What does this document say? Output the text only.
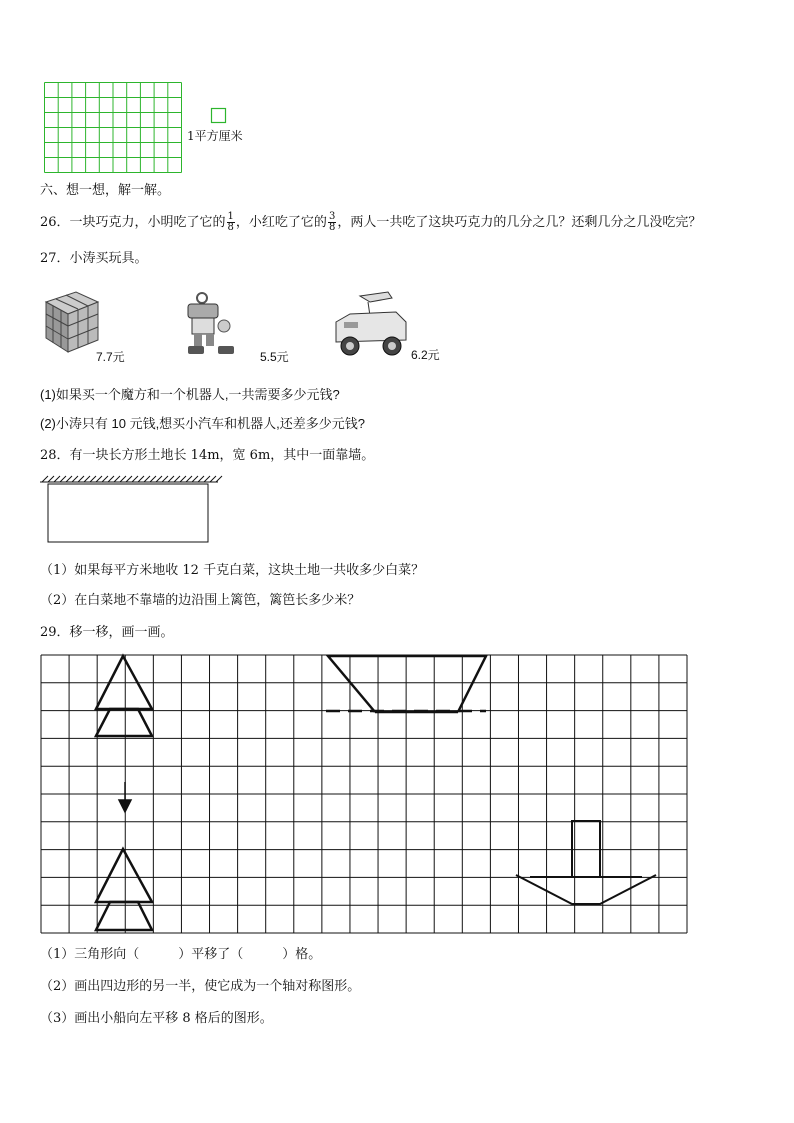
1平方厘米
六、想一想，解一解。
26．一块巧克力，小明吃了它的 $\frac{1}{8}$ ，小红吃了它的 $\frac{3}{8}$ ，两人一共吃了这块巧克力的几分之几？还剩几分之几没吃完？
27．小涛买玩具。
7.7元	5.5元	6.2元
(1)如果买一个魔方和一个机器人,一共需要多少元钱?
(2)小涛只有 10 元钱,想买小汽车和机器人,还差多少元钱?
28．有一块长方形土地长 14m，宽 6m，其中一面靠墙。
（1）如果每平方米地收 12 千克白菜，这块土地一共收多少白菜？
（2）在白菜地不靠墙的边沿围上篱笆，篱笆长多少米？
29．移一移，画一画。
（1）三角形向（　　　）平移了（　　　）格。
（2）画出四边形的另一半，使它成为一个轴对称图形。
（3）画出小船向左平移 8 格后的图形。
